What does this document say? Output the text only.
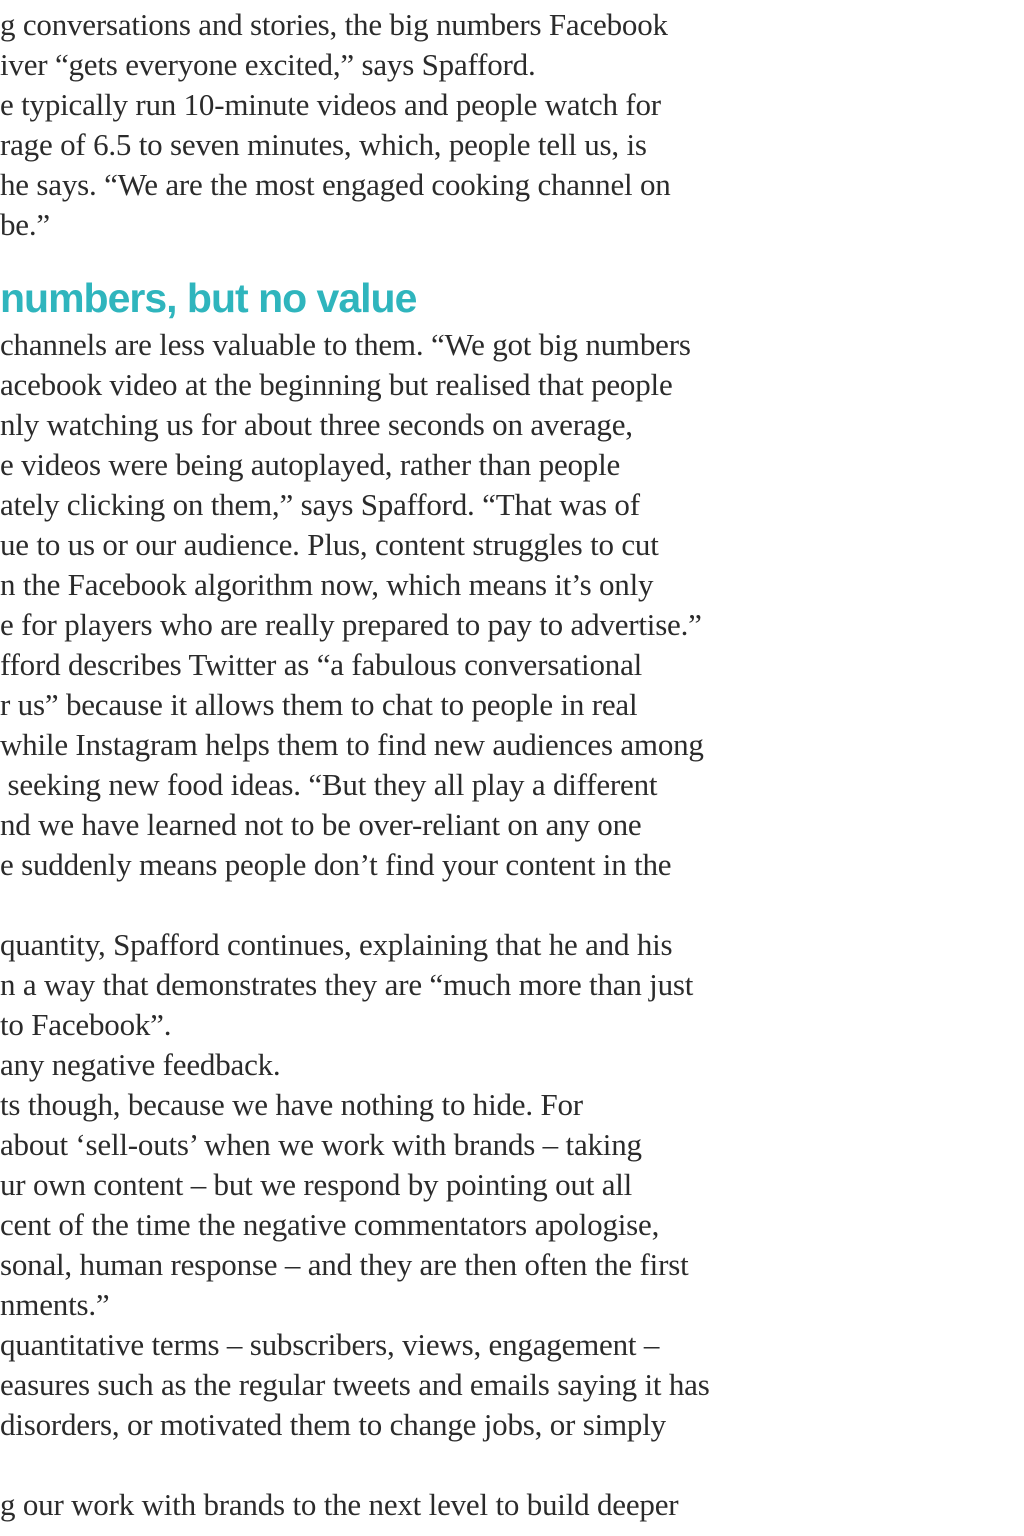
g conversations and stories, the big numbers Facebook
iver “gets everyone excited,” says Spafford.
e typically run 10-minute videos and people watch for
rage of 6.5 to seven minutes, which, people tell us, is
he says. “We are the most engaged cooking channel on
be.”
numbers, but no value
channels are less valuable to them. “We got big numbers
acebook video at the beginning but realised that people
nly watching us for about three seconds on average,
e videos were being autoplayed, rather than people
ately clicking on them,” says Spafford. “That was of
ue to us or our audience. Plus, content struggles to cut
n the Facebook algorithm now, which means it’s only
e for players who are really prepared to pay to advertise.”
fford describes Twitter as “a fabulous conversational
r us” because it allows them to chat to people in real
while Instagram helps them to find new audiences among
seeking new food ideas. “But they all play a different
nd we have learned not to be over-reliant on any one
e suddenly means people don’t find your content in the
quantity, Spafford continues, explaining that he and his
n a way that demonstrates they are “much more than just
to Facebook”.
any negative feedback.
ts though, because we have nothing to hide. For
about ‘sell-outs’ when we work with brands – taking
ur own content – but we respond by pointing out all
cent of the time the negative commentators apologise,
sonal, human response – and they are then often the first
nments.”
quantitative terms – subscribers, views, engagement –
easures such as the regular tweets and emails saying it has
disorders, or motivated them to change jobs, or simply
g our work with brands to the next level to build deeper
